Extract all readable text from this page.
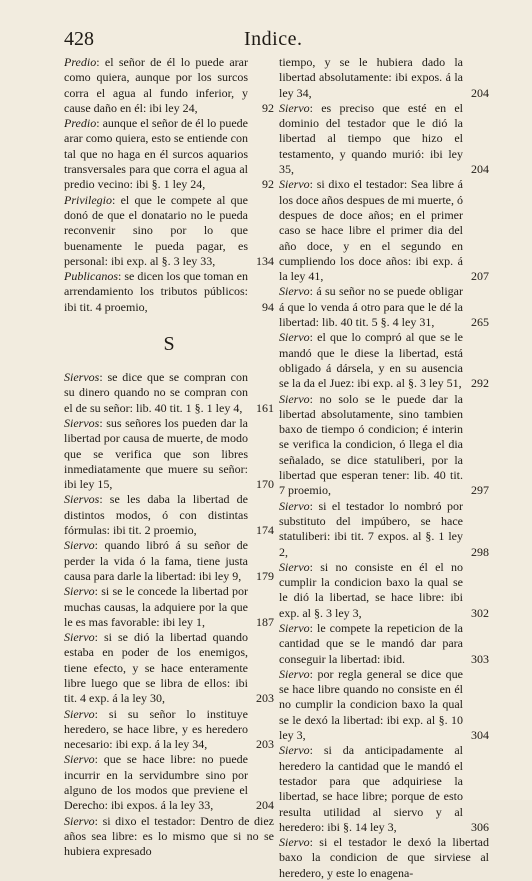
428	Indice.

Predio: el señor de él lo puede arar como quiera, aunque por los surcos corra el agua al fundo inferior, y cause daño en él: ibi ley 24,	92

Predio: aunque el señor de él lo puede arar como quiera, esto se entiende con tal que no haga en él surcos aquarios transversales para que corra el agua al predio vecino: ibi §. 1 ley 24,	92

Privilegio: el que le compete al que donó de que el donatario no le pueda reconvenir sino por lo que buenamente le pueda pagar, es personal: ibi exp. al §. 3 ley 33,	134

Publicanos: se dicen los que toman en arrendamiento los tributos públicos: ibi tit. 4 proemio,	94

S

Siervos: se dice que se compran con su dinero quando no se compran con el de su señor: lib. 40 tit. 1 §. 1 ley 4, 161

Siervos: sus señores los pueden dar la libertad por causa de muerte, de modo que se verifica que son libres inmediatamente que muere su señor: ibi ley 15,	170

Siervos: se les daba la libertad de distintos modos, ó con distintas fórmulas: ibi tit. 2 proemio,	174

Siervo: quando libró á su señor de perder la vida ó la fama, tiene justa causa para darle la libertad: ibi ley 9, 179

Siervo: si se le concede la libertad por muchas causas, la adquiere por la que le es mas favorable: ibi ley 1,	187

Siervo: si se dió la libertad quando estaba en poder de los enemigos, tiene efecto, y se hace enteramente libre luego que se libra de ellos: ibi tit. 4 exp. á la ley 30,	203

Siervo: si su señor lo instituye heredero, se hace libre, y es heredero necesario: ibi exp. á la ley 34,	203

Siervo: que se hace libre: no puede incurrir en la servidumbre sino por alguno de los modos que previene el Derecho: ibi expos. á la ley 33,	204

Siervo: si dixo el testador: Dentro de diez años sea libre: es lo mismo que si no se hubiera expresado

tiempo, y se le hubiera dado la libertad absolutamente: ibi expos. á la ley 34,	204

Siervo: es preciso que esté en el dominio del testador que le dió la libertad al tiempo que hizo el testamento, y quando murió: ibi ley 35,	204

Siervo: si dixo el testador: Sea libre á los doce años despues de mi muerte, ó despues de doce años; en el primer caso se hace libre el primer dia del año doce, y en el segundo en cumpliendo los doce años: ibi exp. á la ley 41,	207

Siervo: á su señor no se puede obligar á que lo venda á otro para que le dé la libertad: lib. 40 tit. 5 §. 4 ley 31,	265

Siervo: el que lo compró al que se le mandó que le diese la libertad, está obligado á dársela, y en su ausencia se la da el Juez: ibi exp. al §. 3 ley 51, 292

Siervo: no solo se le puede dar la libertad absolutamente, sino tambien baxo de tiempo ó condicion; é interin se verifica la condicion, ó llega el dia señalado, se dice statuliberi, por la libertad que esperan tener: lib. 40 tit. 7 proemio,	297

Siervo: si el testador lo nombró por substituto del impúbero, se hace statuliberi: ibi tit. 7 expos. al §. 1 ley 2,	298

Siervo: si no consiste en él el no cumplir la condicion baxo la qual se le dió la libertad, se hace libre: ibi exp. al §. 3 ley 3,	302

Siervo: le compete la repeticion de la cantidad que se le mandó dar para conseguir la libertad: ibid.	303

Siervo: por regla general se dice que se hace libre quando no consiste en él no cumplir la condicion baxo la qual se le dexó la libertad: ibi exp. al §. 10 ley 3,	304

Siervo: si da anticipadamente al heredero la cantidad que le mandó el testador para que adquiriese la libertad, se hace libre; porque de esto resulta utilidad al siervo y al heredero: ibi §. 14 ley 3,	306

Siervo: si el testador le dexó la libertad baxo la condicion de que sirviese al heredero, y este lo enagena-
